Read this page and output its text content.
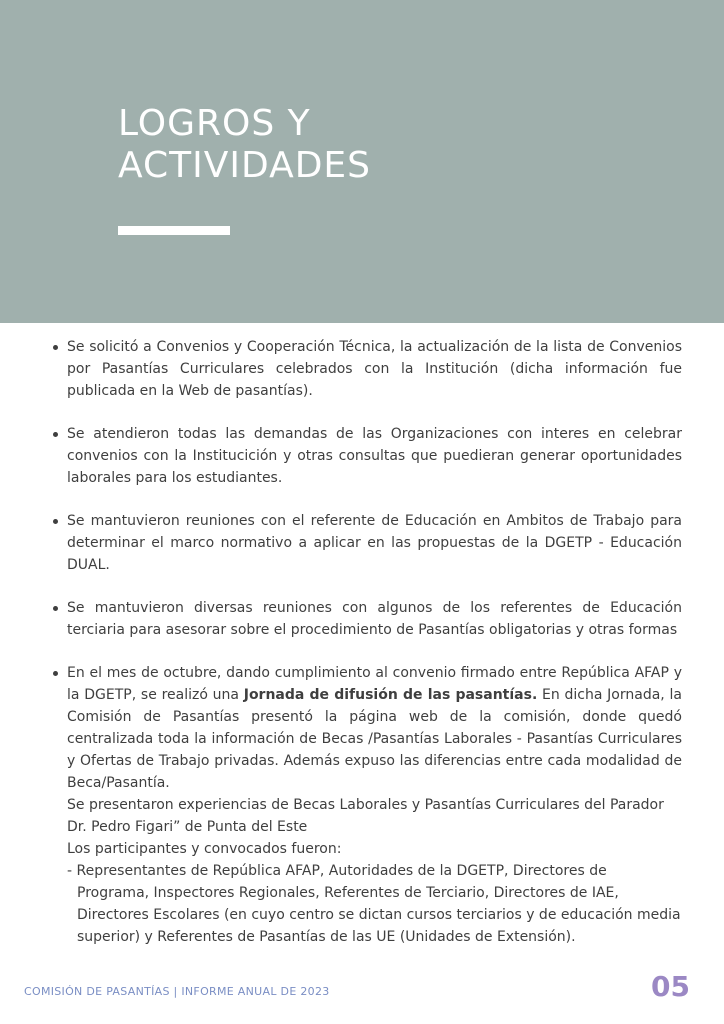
LOGROS Y
ACTIVIDADES
Se solicitó a Convenios y Cooperación Técnica, la actualización de la lista de Convenios por Pasantías Curriculares celebrados con la Institución (dicha información fue publicada en la Web de pasantías).
Se atendieron todas las demandas de las Organizaciones con interes en celebrar convenios con la Institucición y otras consultas que puedieran generar oportunidades laborales para los estudiantes.
Se mantuvieron reuniones con el referente de Educación en Ambitos de Trabajo para determinar el marco normativo a aplicar en las propuestas de la DGETP - Educación DUAL.
Se mantuvieron diversas reuniones con algunos de los referentes de Educación terciaria para asesorar sobre el procedimiento de Pasantías obligatorias y otras formas
En el mes de octubre, dando cumplimiento al convenio firmado entre República AFAP y la DGETP, se realizó una Jornada de difusión de las pasantías. En dicha Jornada, la Comisión de Pasantías presentó la página web de la comisión, donde quedó centralizada toda la información de Becas /Pasantías Laborales - Pasantías Curriculares y Ofertas de Trabajo privadas. Además expuso las diferencias entre cada modalidad de Beca/Pasantía.
Se presentaron experiencias de Becas Laborales y Pasantías Curriculares del Parador Dr. Pedro Figari” de Punta del Este
Los participantes y convocados fueron:
- Representantes de República AFAP, Autoridades de la DGETP, Directores de Programa, Inspectores Regionales, Referentes de Terciario, Directores de IAE, Directores Escolares (en cuyo centro se dictan cursos terciarios y de educación media superior) y Referentes de Pasantías de las UE (Unidades de Extensión).
COMISIÓN DE PASANTÍAS | INFORME ANUAL DE 2023	05
